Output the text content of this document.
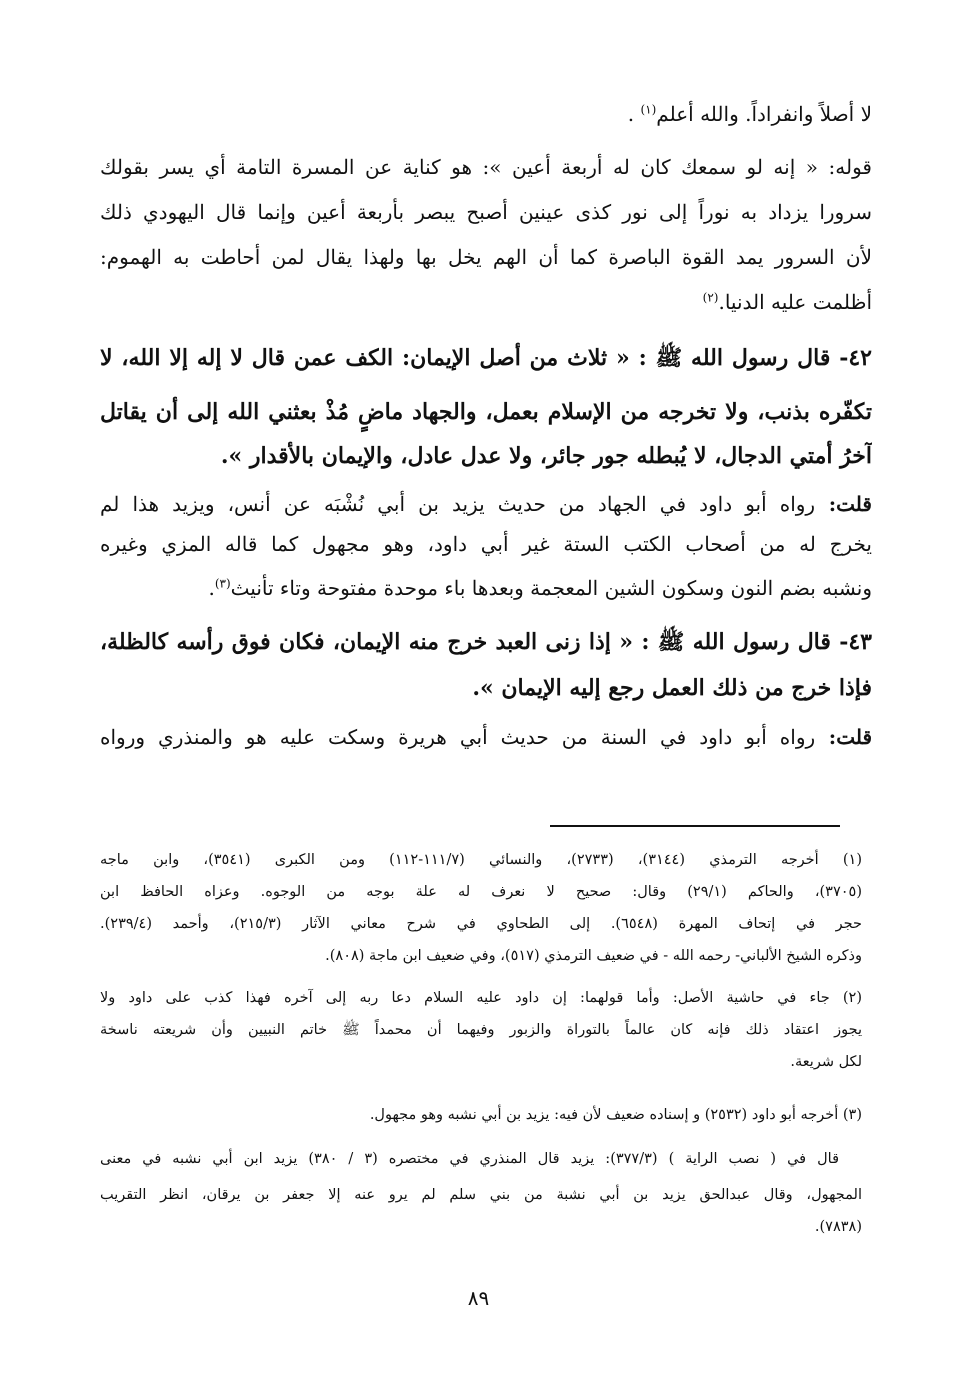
لا أصلاً وانفراداً. والله أعلم$^{(١)}$ .
قوله: « إنه لو سمعك كان له أربعة أعين »: هو كناية عن المسرة التامة أي يسر بقولك
سرورا يزداد به نوراً إلى نور كذى عينين أصبح يبصر بأربعة أعين وإنما قال اليهودي ذلك
لأن السرور يمد القوة الباصرة كما أن الهم يخل بها ولهذا يقال لمن أحاطت به الهموم:
أظلمت عليه الدنيا.$^{(٢)}$
٤٢- قال رسول الله ﷺ : « ثلاث من أصل الإيمان: الكف عمن قال لا إله إلا الله، لا
تكفّره بذنب، ولا تخرجه من الإسلام بعمل، والجهاد ماضٍ مُذْ بعثني الله إلى أن يقاتل
آخرُ أمتي الدجال، لا يُبطله جور جائر، ولا عدل عادل، والإيمان بالأقدار ».
قلت: رواه أبو داود في الجهاد من حديث يزيد بن أبي نُشْبَه عن أنس، ويزيد هذا لم
يخرج له من أصحاب الكتب الستة غير أبي داود، وهو مجهول كما قاله المزي وغيره
ونشبه بضم النون وسكون الشين المعجمة وبعدها باء موحدة مفتوحة وتاء تأنيث$^{(٣)}$.
٤٣- قال رسول الله ﷺ : « إذا زنى العبد خرج منه الإيمان، فكان فوق رأسه كالظلة،
فإذا خرج من ذلك العمل رجع إليه الإيمان ».
قلت: رواه أبو داود في السنة من حديث أبي هريرة وسكت عليه هو والمنذري ورواه
(١) أخرجه الترمذي (٣١٤٤)، (٢٧٣٣)، والنسائي (١١١/٧-١١٢) ومن الكبرى (٣٥٤١)، وابن ماجه
(٣٧٠٥)، والحاكم (٢٩/١) وقال: صحيح لا نعرف له علة بوجه من الوجوه. وعزاه الحافظ ابن
حجر في إتحاف المهرة (٦٥٤٨). إلى الطحاوي في شرح معاني الآثار (٢١٥/٣)، وأحمد (٢٣٩/٤).
وذكره الشيخ الألباني- رحمه الله - في ضعيف الترمذي (٥١٧)، وفي ضعيف ابن ماجة (٨٠٨).
(٢) جاء في حاشية الأصل: وأما قولهما: إن داود عليه السلام دعا ربه إلى آخره فهذا كذب على داود ولا
يجوز اعتقاد ذلك فإنه كان عالماً بالتوراة والزبور وفيهما أن محمداً ﷺ خاتم النبيين وأن شريعته ناسخة
لكل شريعة.
(٣) أخرجه أبو داود (٢٥٣٢) و إسناده ضعيف لأن فيه: يزيد بن أبي نشبه وهو مجهول.
قال في ( نصب الراية ) (٣٧٧/٣): يزيد قال المنذري في مختصره (٣ / ٣٨٠) يزيد ابن أبي نشبه في معنى
المجهول، وقال عبدالحق يزيد بن أبي نشبة من بني سلم لم يرو عنه إلا جعفر بن يرقان، انظر التقريب
(٧٨٣٨).
٨٩
